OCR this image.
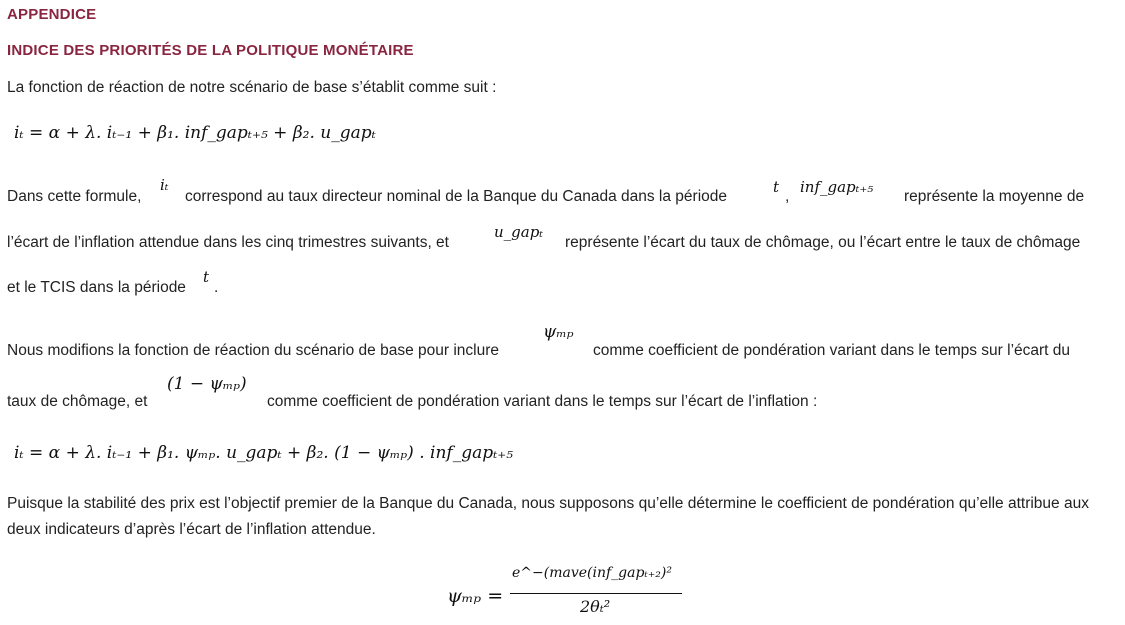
APPENDICE
INDICE DES PRIORITÉS DE LA POLITIQUE MONÉTAIRE
La fonction de réaction de notre scénario de base s’établit comme suit :
iₜ = α + λ. iₜ₋₁ + β₁. inf_gapₜ₊₅ + β₂. u_gapₜ
Dans cette formule,
iₜ
correspond au taux directeur nominal de la Banque du Canada dans la période
t
,
inf_gapₜ₊₅
représente la moyenne de
l’écart de l’inflation attendue dans les cinq trimestres suivants, et
u_gapₜ
représente l’écart du taux de chômage, ou l’écart entre le taux de chômage
et le TCIS dans la période
t
.
Nous modifions la fonction de réaction du scénario de base pour inclure
ψₘₚ
comme coefficient de pondération variant dans le temps sur l’écart du
taux de chômage, et
(1 − ψₘₚ)
comme coefficient de pondération variant dans le temps sur l’écart de l’inflation :
iₜ = α + λ. iₜ₋₁ + β₁. ψₘₚ. u_gapₜ + β₂. (1 − ψₘₚ) . inf_gapₜ₊₅
Puisque la stabilité des prix est l’objectif premier de la Banque du Canada, nous supposons qu’elle détermine le coefficient de pondération qu’elle attribue aux deux indicateurs d’après l’écart de l’inflation attendue.
ψₘₚ =
e^−(mave(inf_gapₜ₊₂)²
2θₜ²
